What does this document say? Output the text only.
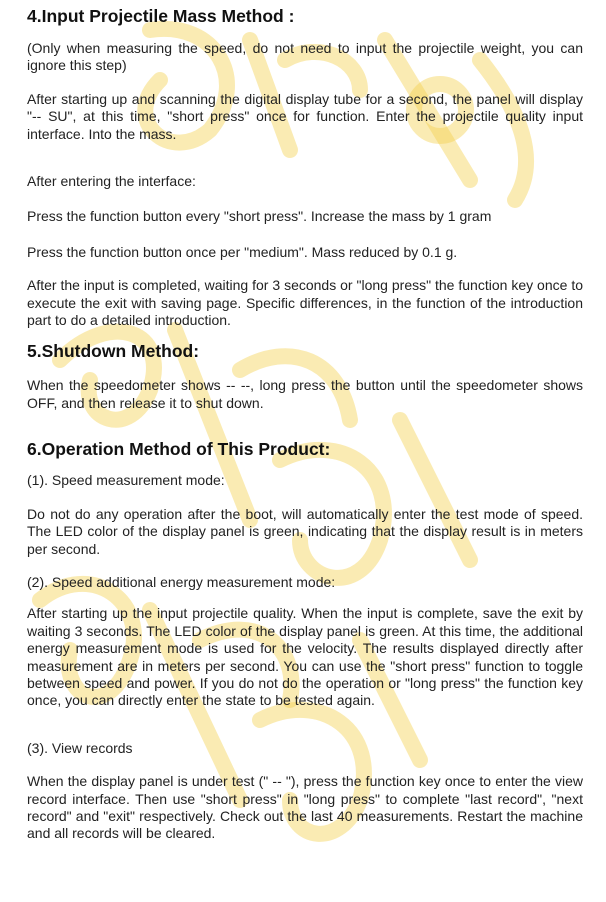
4.Input Projectile Mass Method :

(Only when measuring the speed, do not need to input the projectile weight, you can ignore this step)

After starting up and scanning the digital display tube for a second, the panel will display "-- SU", at this time, "short press" once for function. Enter the projectile quality input interface. Into the mass.

After entering the interface:

Press the function button every "short press". Increase the mass by 1 gram

Press the function button once per "medium". Mass reduced by 0.1 g.

After the input is completed, waiting for 3 seconds or "long press" the function key once to execute the exit with saving page. Specific differences, in the function of the introduction part to do a detailed introduction.

5.Shutdown Method:

When the speedometer shows -- --, long press the button until the speedometer shows OFF, and then release it to shut down.

6.Operation Method of This Product:

(1). Speed measurement mode:

Do not do any operation after the boot, will automatically enter the test mode of speed. The LED color of the display panel is green, indicating that the display result is in meters per second.

(2). Speed additional energy measurement mode:

After starting up the input projectile quality. When the input is complete, save the exit by waiting 3 seconds. The LED color of the display panel is green. At this time, the additional energy measurement mode is used for the velocity. The results displayed directly after measurement are in meters per second. You can use the "short press" function to toggle between speed and power. If you do not do the operation or "long press" the function key once, you can directly enter the state to be tested again.

(3). View records

When the display panel is under test (" -- "), press the function key once to enter the view record interface. Then use "short press" in "long press" to complete "last record", "next record" and "exit" respectively. Check out the last 40 measurements. Restart the machine and all records will be cleared.
